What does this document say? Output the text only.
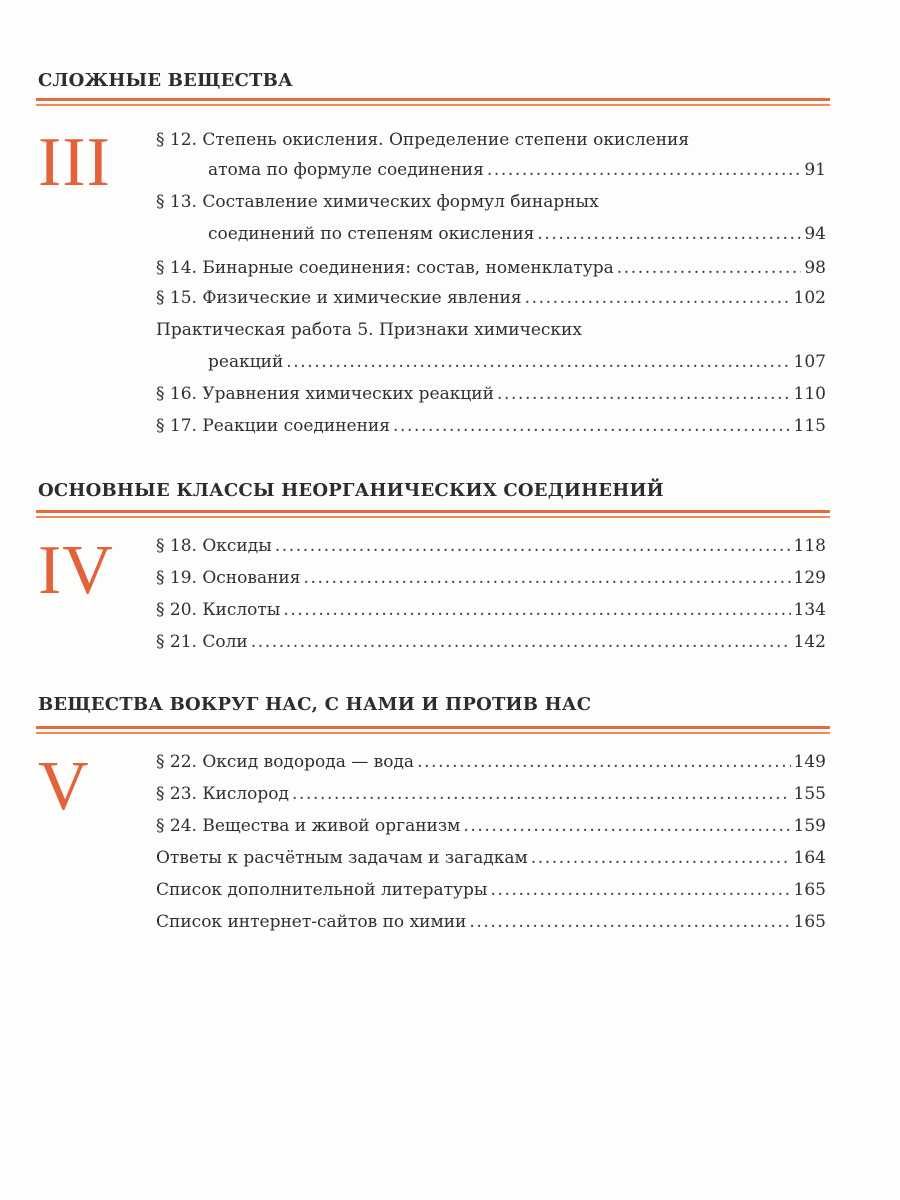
СЛОЖНЫЕ ВЕЩЕСТВА
III	§ 12. Степень окисления. Определение степени окисления
атома по формуле соединения .....	91
§ 13. Составление химических формул бинарных
соединений по степеням окисления .....	94
§ 14. Бинарные соединения: состав, номенклатура .....	98
§ 15. Физические и химические явления .....	102
Практическая работа 5. Признаки химических
реакций .....	107
§ 16. Уравнения химических реакций .....	110
§ 17. Реакции соединения .....	115
ОСНОВНЫЕ КЛАССЫ НЕОРГАНИЧЕСКИХ СОЕДИНЕНИЙ
IV § 18. Оксиды .....	118
§ 19. Основания .....	129
§ 20. Кислоты .....	134
§ 21. Соли .....	142
ВЕЩЕСТВА ВОКРУГ НАС, С НАМИ И ПРОТИВ НАС
V	§ 22. Оксид водорода — вода .....	149
§ 23. Кислород .....	155
§ 24. Вещества и живой организм .....	159
Ответы к расчётным задачам и загадкам .....	164
Список дополнительной литературы .....	165
Список интернет-сайтов по химии .....	165
